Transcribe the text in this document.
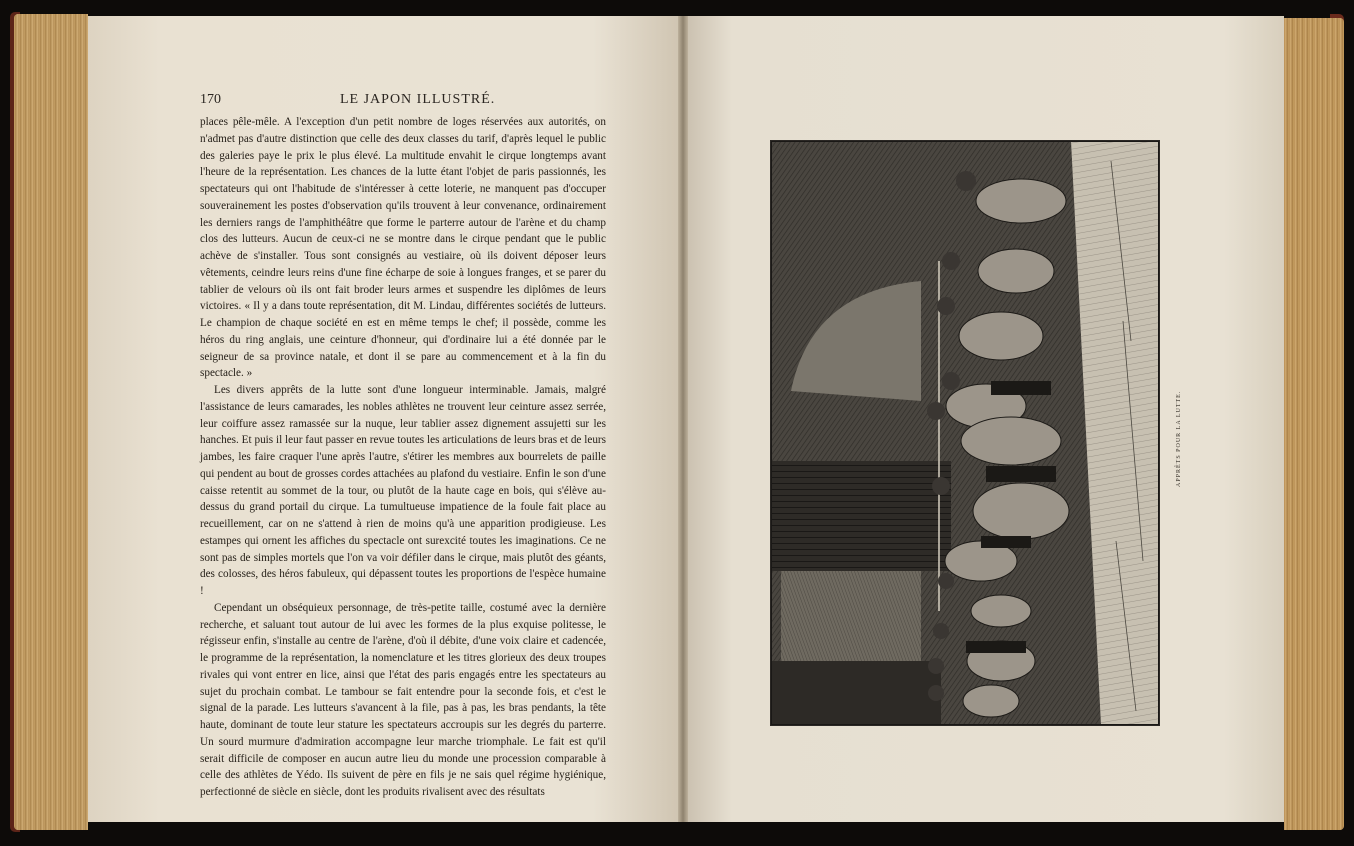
170	LE JAPON ILLUSTRÉ.

places pêle-mêle. A l'exception d'un petit nombre de loges réservées aux autorités, on n'admet pas d'autre distinction que celle des deux classes du tarif, d'après lequel le public des galeries paye le prix le plus élevé. La multitude envahit le cirque longtemps avant l'heure de la représentation. Les chances de la lutte étant l'objet de paris passionnés, les spectateurs qui ont l'habitude de s'intéresser à cette loterie, ne manquent pas d'occuper souverainement les postes d'observation qu'ils trouvent à leur convenance, ordinairement les derniers rangs de l'amphithéâtre que forme le parterre autour de l'arène et du champ clos des lutteurs. Aucun de ceux-ci ne se montre dans le cirque pendant que le public achève de s'installer. Tous sont consignés au vestiaire, où ils doivent déposer leurs vêtements, ceindre leurs reins d'une fine écharpe de soie à longues franges, et se parer du tablier de velours où ils ont fait broder leurs armes et suspendre les diplômes de leurs victoires. « Il y a dans toute représentation, dit M. Lindau, différentes sociétés de lutteurs. Le champion de chaque société en est en même temps le chef; il possède, comme les héros du ring anglais, une ceinture d'honneur, qui d'ordinaire lui a été donnée par le seigneur de sa province natale, et dont il se pare au commencement et à la fin du spectacle. »

Les divers apprêts de la lutte sont d'une longueur interminable. Jamais, malgré l'assistance de leurs camarades, les nobles athlètes ne trouvent leur ceinture assez serrée, leur coiffure assez ramassée sur la nuque, leur tablier assez dignement assujetti sur les hanches. Et puis il leur faut passer en revue toutes les articulations de leurs bras et de leurs jambes, les faire craquer l'une après l'autre, s'étirer les membres aux bourrelets de paille qui pendent au bout de grosses cordes attachées au plafond du vestiaire. Enfin le son d'une caisse retentit au sommet de la tour, ou plutôt de la haute cage en bois, qui s'élève au-dessus du grand portail du cirque. La tumultueuse impatience de la foule fait place au recueillement, car on ne s'attend à rien de moins qu'à une apparition prodigieuse. Les estampes qui ornent les affiches du spectacle ont surexcité toutes les imaginations. Ce ne sont pas de simples mortels que l'on va voir défiler dans le cirque, mais plutôt des géants, des colosses, des héros fabuleux, qui dépassent toutes les proportions de l'espèce humaine !

Cependant un obséquieux personnage, de très-petite taille, costumé avec la dernière recherche, et saluant tout autour de lui avec les formes de la plus exquise politesse, le régisseur enfin, s'installe au centre de l'arène, d'où il débite, d'une voix claire et cadencée, le programme de la représentation, la nomenclature et les titres glorieux des deux troupes rivales qui vont entrer en lice, ainsi que l'état des paris engagés entre les spectateurs au sujet du prochain combat. Le tambour se fait entendre pour la seconde fois, et c'est le signal de la parade. Les lutteurs s'avancent à la file, pas à pas, les bras pendants, la tête haute, dominant de toute leur stature les spectateurs accroupis sur les degrés du parterre. Un sourd murmure d'admiration accompagne leur marche triomphale. Le fait est qu'il serait difficile de composer en aucun autre lieu du monde une procession comparable à celle des athlètes de Yédo. Ils suivent de père en fils je ne sais quel régime hygiénique, perfectionné de siècle en siècle, dont les produits rivalisent avec des résultats

APPRÊTS POUR LA LUTTE.
